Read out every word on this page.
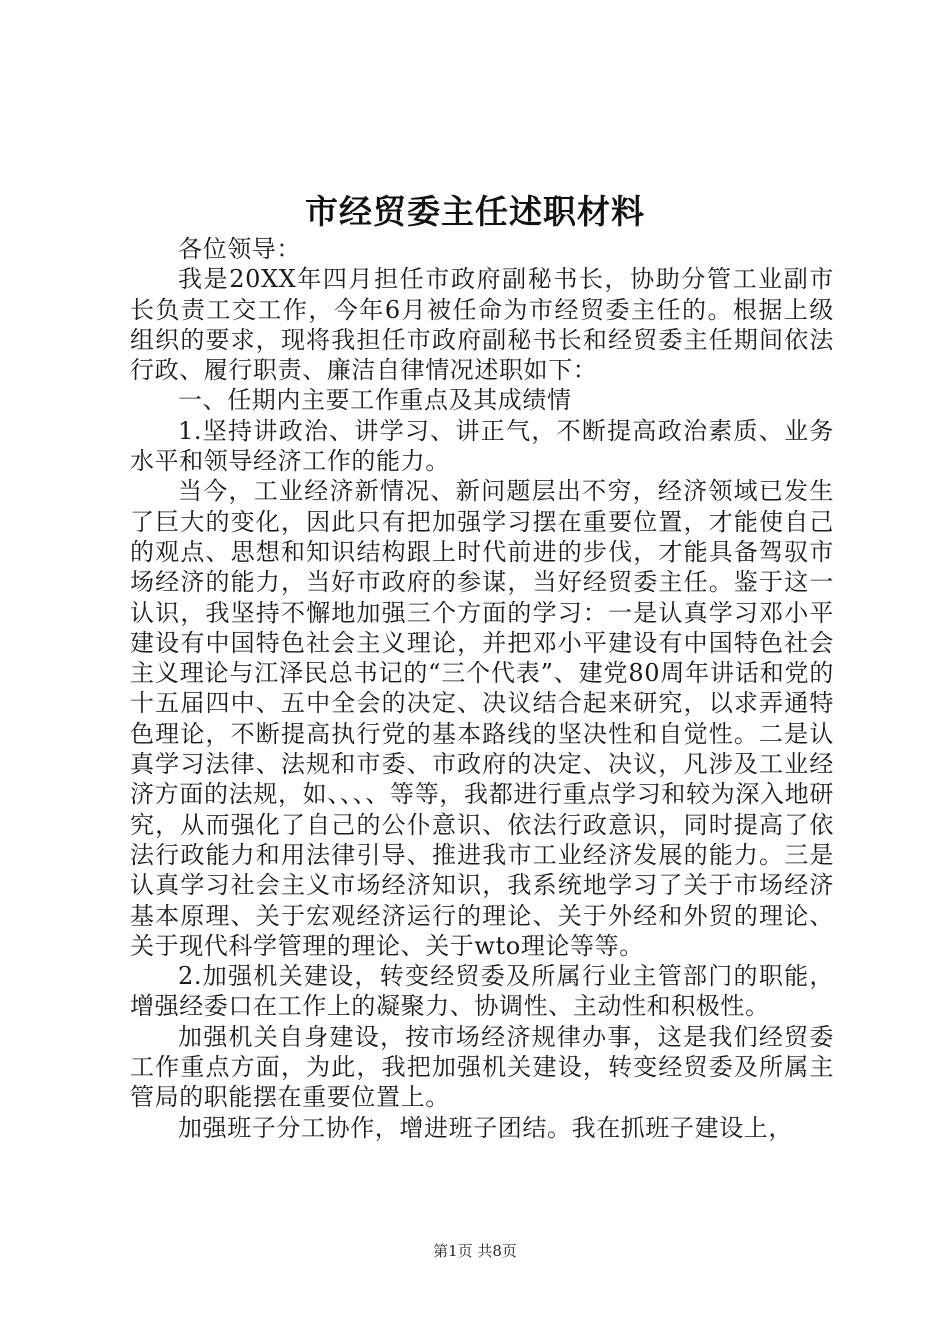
市经贸委主任述职材料

各位领导：

我是20XX年四月担任市政府副秘书长，协助分管工业副市长负责工交工作，今年6月被任命为市经贸委主任的。根据上级组织的要求，现将我担任市政府副秘书长和经贸委主任期间依法行政、履行职责、廉洁自律情况述职如下：

一、任期内主要工作重点及其成绩情

1.坚持讲政治、讲学习、讲正气，不断提高政治素质、业务水平和领导经济工作的能力。

当今，工业经济新情况、新问题层出不穷，经济领域已发生了巨大的变化，因此只有把加强学习摆在重要位置，才能使自己的观点、思想和知识结构跟上时代前进的步伐，才能具备驾驭市场经济的能力，当好市政府的参谋，当好经贸委主任。鉴于这一认识，我坚持不懈地加强三个方面的学习：一是认真学习邓小平建设有中国特色社会主义理论，并把邓小平建设有中国特色社会主义理论与江泽民总书记的“三个代表”、建党80周年讲话和党的十五届四中、五中全会的决定、决议结合起来研究，以求弄通特色理论，不断提高执行党的基本路线的坚决性和自觉性。二是认真学习法律、法规和市委、市政府的决定、决议，凡涉及工业经济方面的法规，如、、、、等等，我都进行重点学习和较为深入地研究，从而强化了自己的公仆意识、依法行政意识，同时提高了依法行政能力和用法律引导、推进我市工业经济发展的能力。三是认真学习社会主义市场经济知识，我系统地学习了关于市场经济基本原理、关于宏观经济运行的理论、关于外经和外贸的理论、关于现代科学管理的理论、关于wto理论等等。

2.加强机关建设，转变经贸委及所属行业主管部门的职能，增强经委口在工作上的凝聚力、协调性、主动性和积极性。

加强机关自身建设，按市场经济规律办事，这是我们经贸委工作重点方面，为此，我把加强机关建设，转变经贸委及所属主管局的职能摆在重要位置上。

加强班子分工协作，增进班子团结。我在抓班子建设上，

第1页 共8页
